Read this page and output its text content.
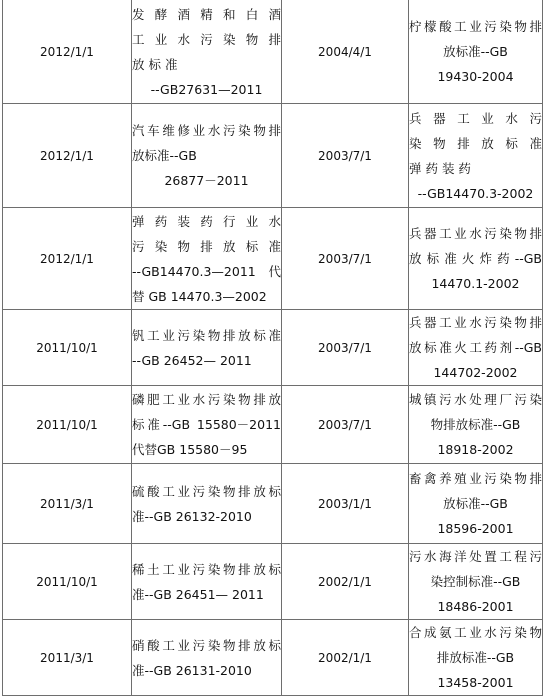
2012/1/1	发 酵 酒 精 和 白 酒
工 业 水 污 染 物 排
放 标 准
--GB27631—2011	2004/4/1	柠檬酸工业污染物排
放标准--GB
19430-2004

2012/1/1	汽车维修业水污染物排
放标准--GB
26877－2011	2003/7/1	兵 器 工 业 水 污
染 物 排 放 标 准
弹 药 装 药
--GB14470.3-2002

2012/1/1	弹 药 装 药 行 业 水
污 染 物 排 放 标 准
--GB14470.3—2011 代
替 GB 14470.3—2002	2003/7/1	兵器工业水污染物排
放标准火炸药--GB
14470.1-2002

2011/10/1	钒工业污染物排放标准
--GB 26452— 2011	2003/7/1	兵器工业水污染物排
放标准火工药剂--GB
144702-2002

2011/10/1	磷肥工业水污染物排放
标准--GB 15580－2011
代替GB 15580－95	2003/7/1	城镇污水处理厂污染
物排放标准--GB
18918-2002

2011/3/1	硫酸工业污染物排放标
准--GB 26132-2010	2003/1/1	畜禽养殖业污染物排
放标准--GB
18596-2001

2011/10/1	稀土工业污染物排放标
准--GB 26451— 2011	2002/1/1	污水海洋处置工程污
染控制标准--GB
18486-2001

2011/3/1	硝酸工业污染物排放标
准--GB 26131-2010	2002/1/1	合成氨工业水污染物
排放标准--GB
13458-2001
